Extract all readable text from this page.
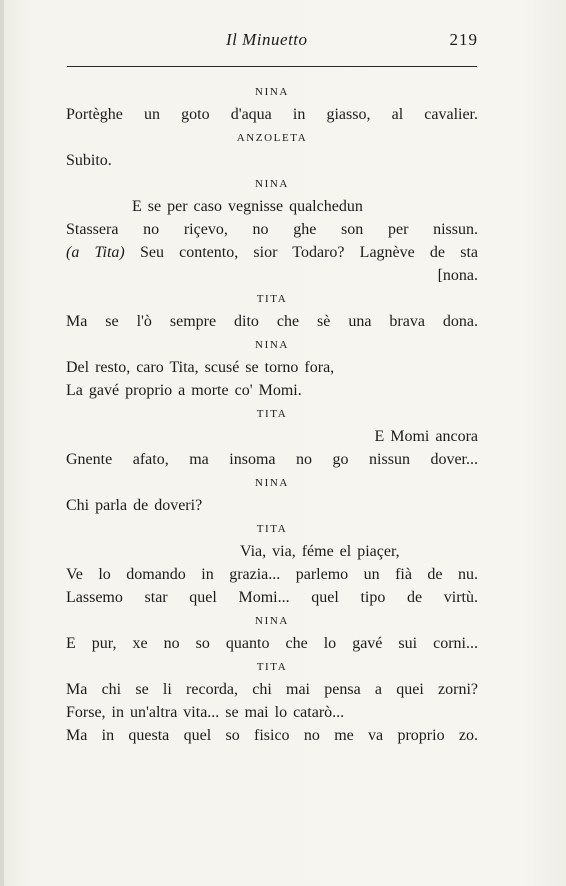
Il Minuetto	219
NINA
Portèghe un goto d'aqua in giasso, al cavalier.
ANZOLETA
Subito.
NINA
E se per caso vegnisse qualchedun
Stassera no riçevo, no ghe son per nissun.
(a Tita) Seu contento, sior Todaro? Lagnève de sta
[nona.
TITA
Ma se l'ò sempre dito che sè una brava dona.
NINA
Del resto, caro Tita, scusé se torno fora,
La gavé proprio a morte co' Momi.
TITA
E Momi ancora
Gnente afato, ma insoma no go nissun dover...
NINA
Chi parla de doveri?
TITA
Via, via, féme el piaçer,
Ve lo domando in grazia... parlemo un fià de nu.
Lassemo star quel Momi... quel tipo de virtù.
NINA
E pur, xe no so quanto che lo gavé sui corni...
TITA
Ma chi se li recorda, chi mai pensa a quei zorni?
Forse, in un'altra vita... se mai lo catarò...
Ma in questa quel so fisico no me va proprio zo.
